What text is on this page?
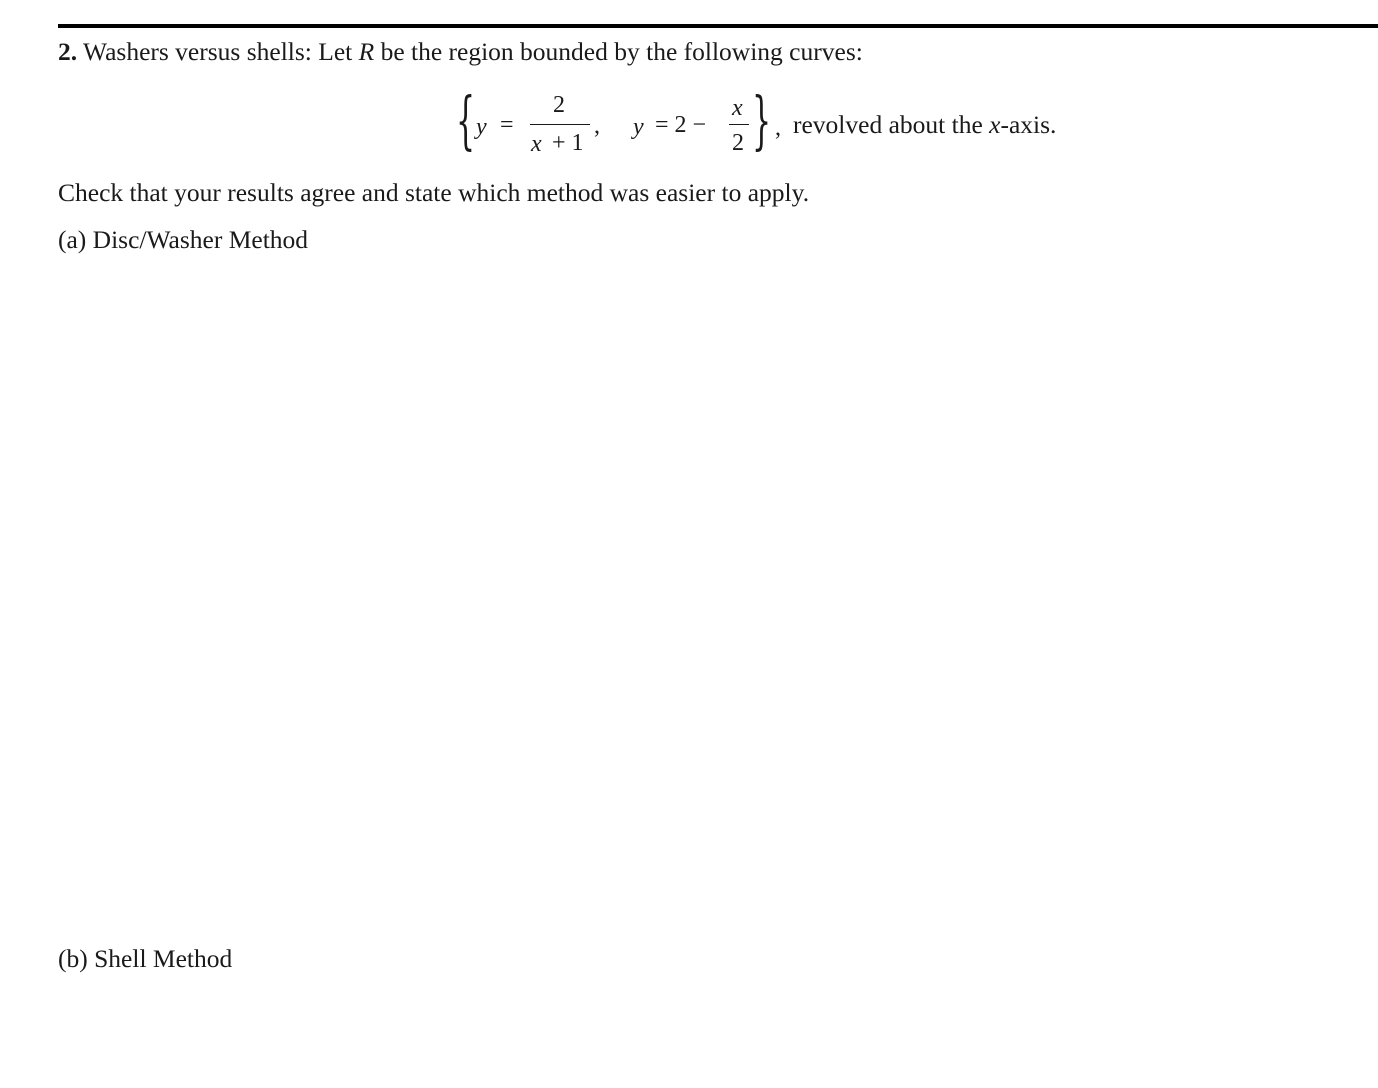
2. Washers versus shells: Let R be the region bounded by the following curves:
{ y =
2
x + 1
, y = 2 −
x
2 } , revolved about the x-axis.
Check that your results agree and state which method was easier to apply.
(a) Disc/Washer Method
(b) Shell Method
